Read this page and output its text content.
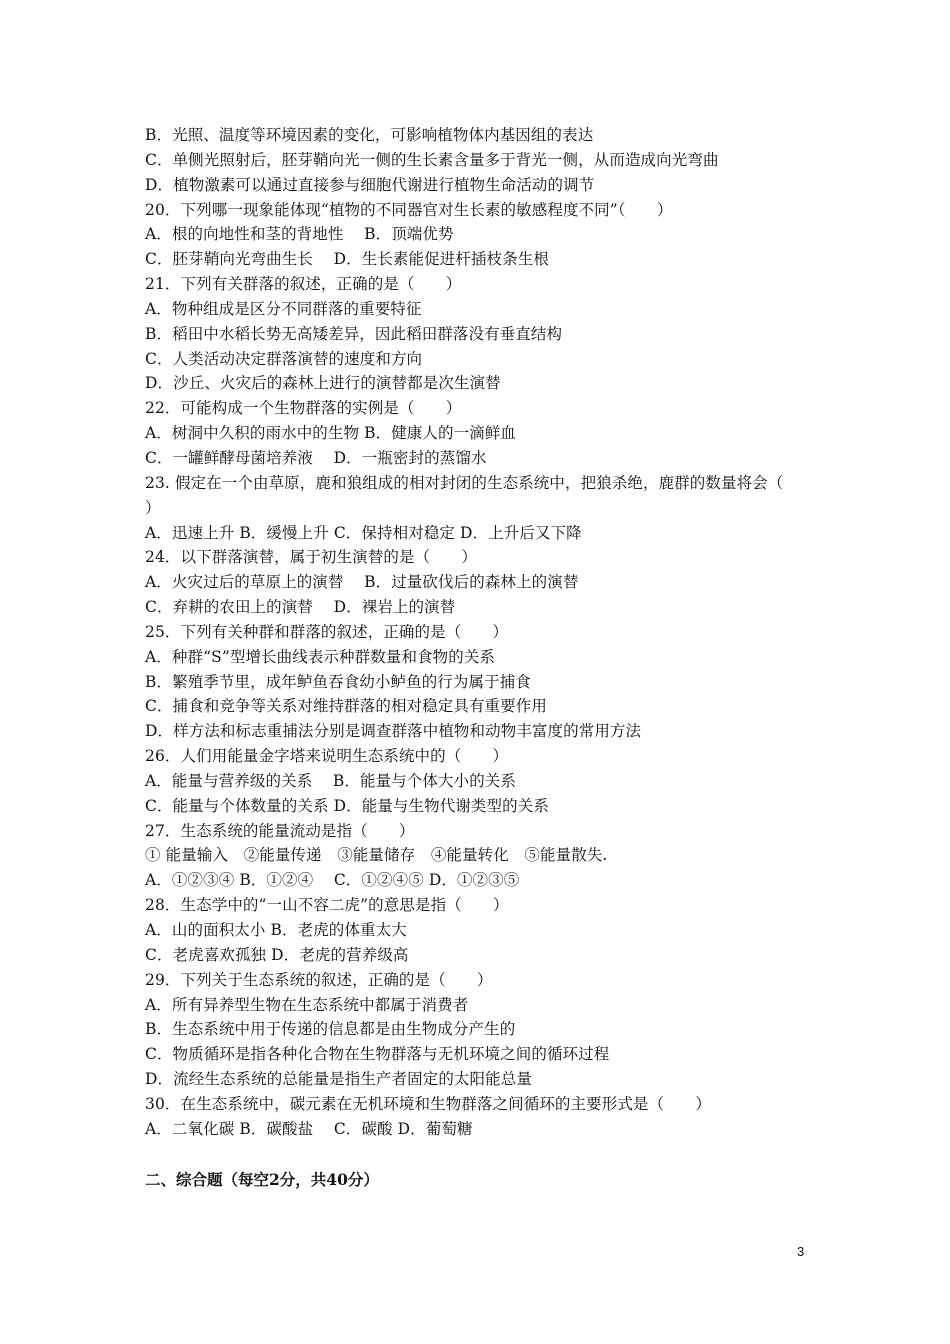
B．光照、温度等环境因素的变化，可影响植物体内基因组的表达
C．单侧光照射后，胚芽鞘向光一侧的生长素含量多于背光一侧，从而造成向光弯曲
D．植物激素可以通过直接参与细胞代谢进行植物生命活动的调节
20．下列哪一现象能体现“植物的不同器官对生长素的敏感程度不同”（　　）
A．根的向地性和茎的背地性　 B．顶端优势
C．胚芽鞘向光弯曲生长　 D．生长素能促进杆插枝条生根
21．下列有关群落的叙述，正确的是（　　）
A．物种组成是区分不同群落的重要特征
B．稻田中水稻长势无高矮差异，因此稻田群落没有垂直结构
C．人类活动决定群落演替的速度和方向
D．沙丘、火灾后的森林上进行的演替都是次生演替
22．可能构成一个生物群落的实例是（　　）
A．树洞中久积的雨水中的生物 B．健康人的一滴鲜血
C．一罐鲜酵母菌培养液　 D．一瓶密封的蒸馏水
23. 假定在一个由草原，鹿和狼组成的相对封闭的生态系统中，把狼杀绝，鹿群的数量将会（
）
A．迅速上升 B．缓慢上升 C．保持相对稳定 D．上升后又下降
24．以下群落演替，属于初生演替的是（　　）
A．火灾过后的草原上的演替　 B．过量砍伐后的森林上的演替
C．弃耕的农田上的演替　 D．裸岩上的演替
25．下列有关种群和群落的叙述，正确的是（　　）
A．种群“S”型增长曲线表示种群数量和食物的关系
B．繁殖季节里，成年鲈鱼吞食幼小鲈鱼的行为属于捕食
C．捕食和竞争等关系对维持群落的相对稳定具有重要作用
D．样方法和标志重捕法分别是调查群落中植物和动物丰富度的常用方法
26．人们用能量金字塔来说明生态系统中的（　　）
A．能量与营养级的关系　 B．能量与个体大小的关系
C．能量与个体数量的关系 D．能量与生物代谢类型的关系
27．生态系统的能量流动是指（　　）
① 能量输入　②能量传递　③能量储存　④能量转化　⑤能量散失.
A．①②③④ B．①②④　 C．①②④⑤ D．①②③⑤
28．生态学中的“一山不容二虎”的意思是指（　　）
A．山的面积太小 B．老虎的体重太大
C．老虎喜欢孤独 D．老虎的营养级高
29．下列关于生态系统的叙述，正确的是（　　）
A．所有异养型生物在生态系统中都属于消费者
B．生态系统中用于传递的信息都是由生物成分产生的
C．物质循环是指各种化合物在生物群落与无机环境之间的循环过程
D．流经生态系统的总能量是指生产者固定的太阳能总量
30．在生态系统中，碳元素在无机环境和生物群落之间循环的主要形式是（　　）
A．二氧化碳 B．碳酸盐　 C．碳酸 D．葡萄糖
二、综合题（每空2分，共40分）
3
